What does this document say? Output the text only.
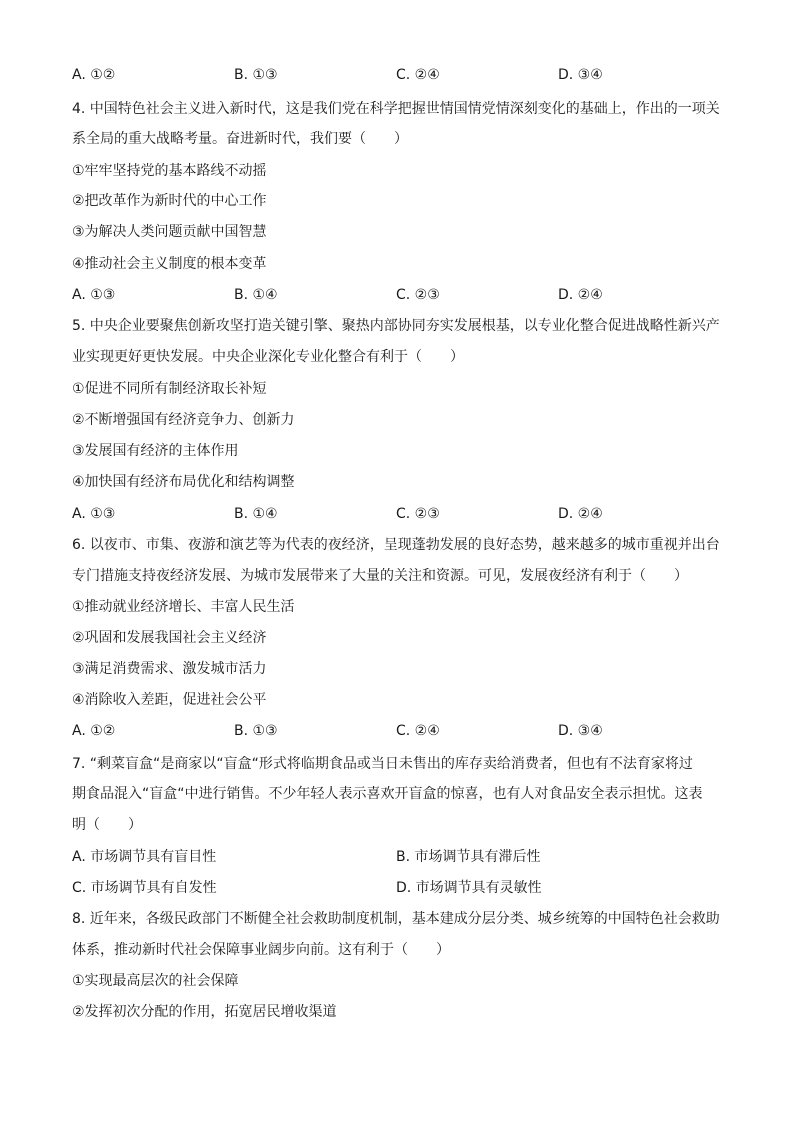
A. ①②	B. ①③	C. ②④	D. ③④
4. 中国特色社会主义进入新时代，这是我们党在科学把握世情国情党情深刻变化的基础上，作出的一项关
系全局的重大战略考量。奋进新时代，我们要（　　）
①牢牢坚持党的基本路线不动摇
②把改革作为新时代的中心工作
③为解决人类问题贡献中国智慧
④推动社会主义制度的根本变革
A. ①③	B. ①④	C. ②③	D. ②④
5. 中央企业要聚焦创新攻坚打造关键引擎、聚热内部协同夯实发展根基，以专业化整合促进战略性新兴产
业实现更好更快发展。中央企业深化专业化整合有利于（　　）
①促进不同所有制经济取长补短
②不断增强国有经济竞争力、创新力
③发展国有经济的主体作用
④加快国有经济布局优化和结构调整
A. ①③	B. ①④	C. ②③	D. ②④
6. 以夜市、市集、夜游和演艺等为代表的夜经济，呈现蓬勃发展的良好态势，越来越多的城市重视并出台
专门措施支持夜经济发展、为城市发展带来了大量的关注和资源。可见，发展夜经济有利于（　　）
①推动就业经济增长、丰富人民生活
②巩固和发展我国社会主义经济
③满足消费需求、激发城市活力
④消除收入差距，促进社会公平
A. ①②	B. ①③	C. ②④	D. ③④
7. “剩菜盲盒“是商家以“盲盒“形式将临期食品或当日未售出的库存卖给消费者，但也有不法育家将过
期食品混入“盲盒“中进行销售。不少年轻人表示喜欢开盲盒的惊喜，也有人对食品安全表示担忧。这表
明（　　）
A. 市场调节具有盲目性	B. 市场调节具有滞后性
C. 市场调节具有自发性	D. 市场调节具有灵敏性
8. 近年来，各级民政部门不断健全社会救助制度机制，基本建成分层分类、城乡统筹的中国特色社会救助
体系，推动新时代社会保障事业阔步向前。这有利于（　　）
①实现最高层次的社会保障
②发挥初次分配的作用，拓宽居民增收渠道
